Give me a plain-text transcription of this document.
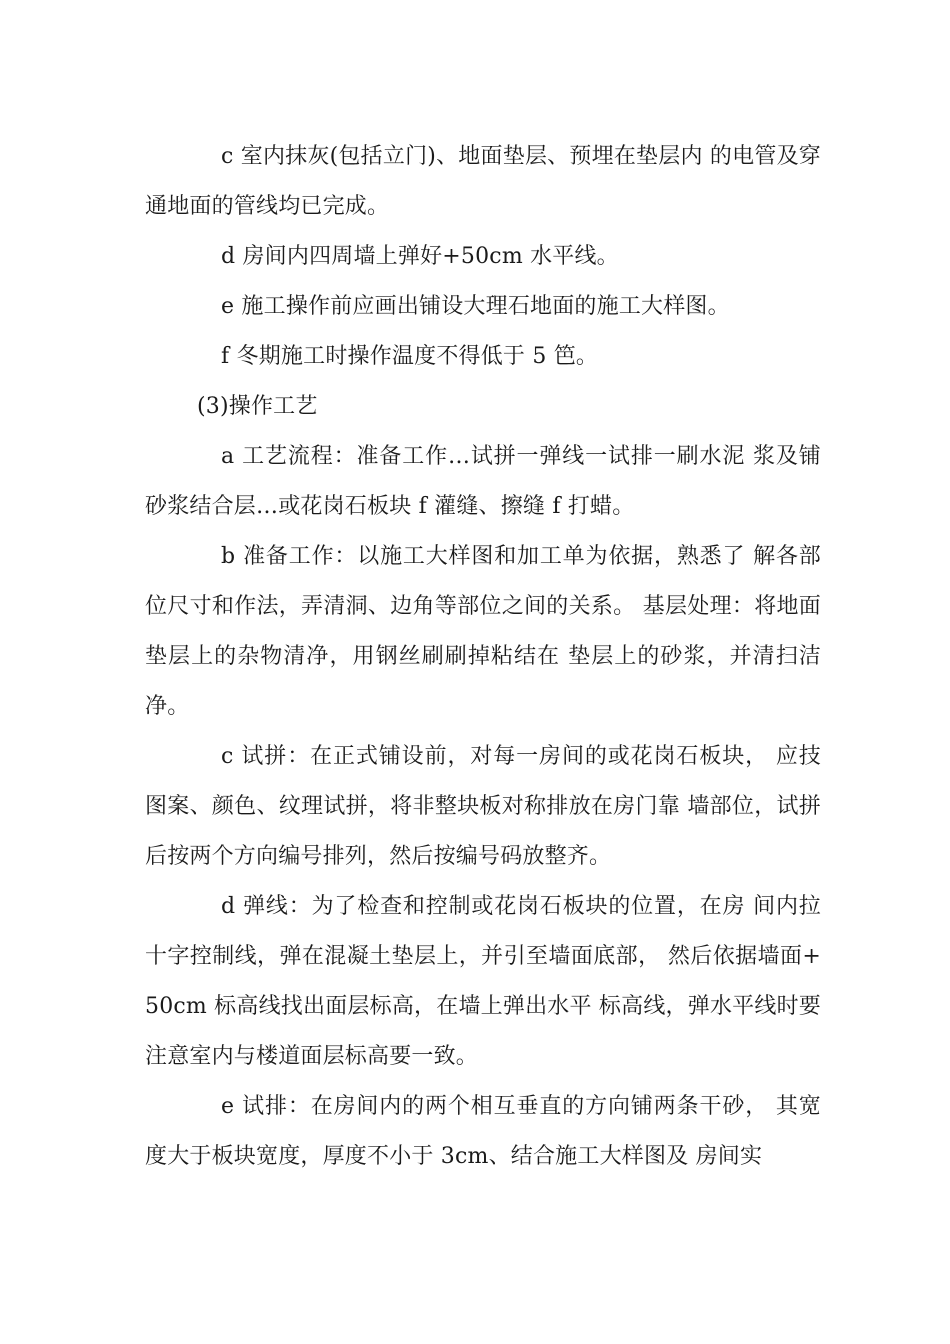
c 室内抹灰(包括立门)、地面垫层、预埋在垫层内 的电管及穿通地面的管线均已完成。

d 房间内四周墙上弹好+50cm 水平线。

e 施工操作前应画出铺设大理石地面的施工大样图。

f 冬期施工时操作温度不得低于 5 笆。

(3)操作工艺

a 工艺流程：准备工作…试拼一弹线一试排一刷水泥 浆及铺砂浆结合层…或花岗石板块 f 灌缝、擦缝 f 打蜡。

b 准备工作：以施工大样图和加工单为依据，熟悉了 解各部位尺寸和作法，弄清洞、边角等部位之间的关系。 基层处理：将地面垫层上的杂物清净，用钢丝刷刷掉粘结在 垫层上的砂浆，并清扫洁净。

c 试拼：在正式铺设前，对每一房间的或花岗石板块， 应技图案、颜色、纹理试拼，将非整块板对称排放在房门靠 墙部位，试拼后按两个方向编号排列，然后按编号码放整齐。

d 弹线：为了检查和控制或花岗石板块的位置，在房 间内拉十字控制线，弹在混凝土垫层上，并引至墙面底部， 然后依据墙面+50cm 标高线找出面层标高，在墙上弹出水平 标高线，弹水平线时要注意室内与楼道面层标高要一致。

e 试排：在房间内的两个相互垂直的方向铺两条干砂， 其宽度大于板块宽度，厚度不小于 3cm、结合施工大样图及 房间实
